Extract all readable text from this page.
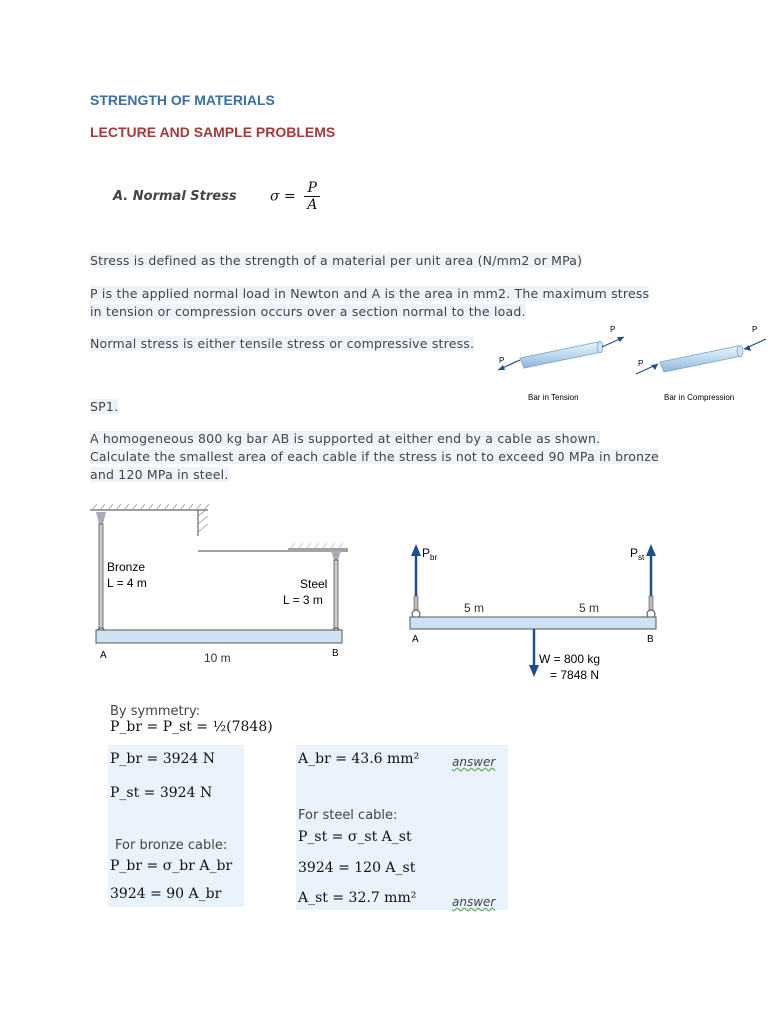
STRENGTH OF MATERIALS
LECTURE AND SAMPLE PROBLEMS
A. Normal Stress $\sigma = \frac{P}{A}$
Stress is defined as the strength of a material per unit area (N/mm2 or MPa)
P is the applied normal load in Newton and A is the area in mm2. The maximum stress
in tension or compression occurs over a section normal to the load.
Normal stress is either tensile stress or compressive stress.
SP1.
A homogeneous 800 kg bar AB is supported at either end by a cable as shown.
Calculate the smallest area of each cable if the stress is not to exceed 90 MPa in bronze
and 120 MPa in steel.
P
P
P
P
Bar in Tension	Bar in Compression
Bronze
L = 4 m	Steel
L = 3 m
A	B
10 m
$P_{br}$	$P_{st}$
5 m	5 m
A	B
W = 800 kg
= 7848 N
By symmetry:
P_br = P_st = ½(7848)
P_br = 3924 N
P_st = 3924 N
For bronze cable:
P_br = σ_br A_br
3924 = 90 A_br
A_br = 43.6 mm²	answer
For steel cable:
P_st = σ_st A_st
3924 = 120 A_st
A_st = 32.7 mm²	answer
